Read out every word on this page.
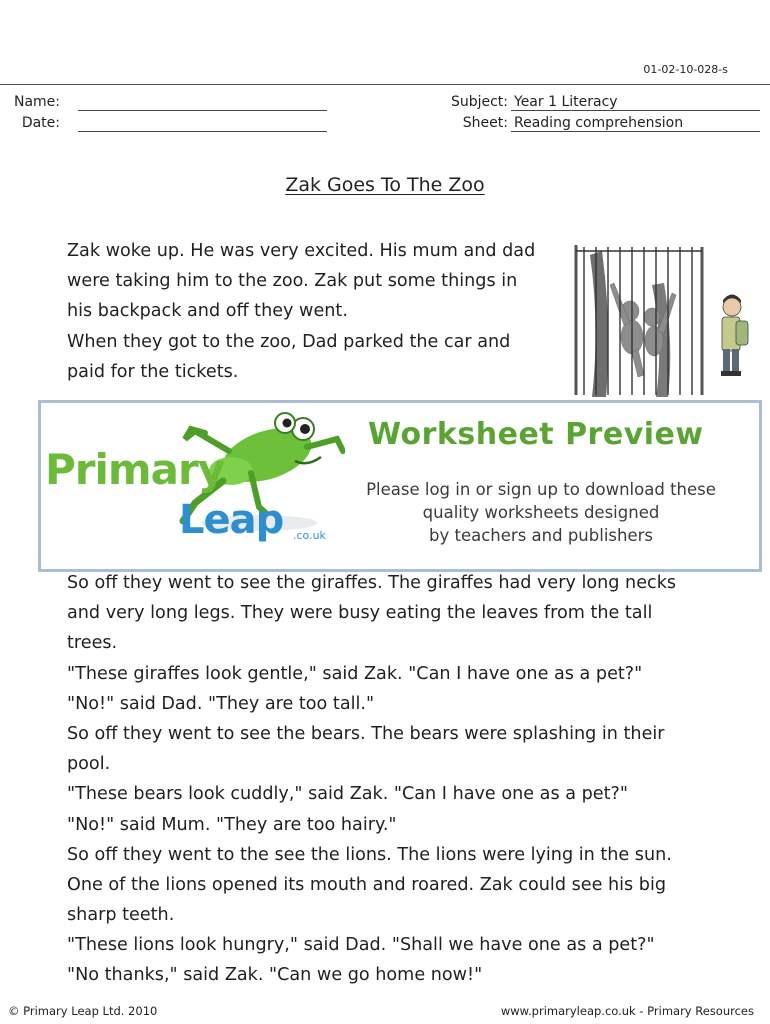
01-02-10-028-s
Name:
Date:
Subject: Year 1 Literacy
Sheet: Reading comprehension
Zak Goes To The Zoo

Zak woke up. He was very excited. His mum and dad

were taking him to the zoo. Zak put some things in

his backpack and off they went.

When they got to the zoo, Dad parked the car and

paid for the tickets.

Primary
Leap .co.uk
Worksheet Preview
Please log in or sign up to download these
quality worksheets designed
by teachers and publishers

So off they went to see the giraffes. The giraffes had very long necks

and very long legs. They were busy eating the leaves from the tall

trees.

"These giraffes look gentle," said Zak. "Can I have one as a pet?"

"No!" said Dad. "They are too tall."

So off they went to see the bears. The bears were splashing in their

pool.

"These bears look cuddly," said Zak. "Can I have one as a pet?"

"No!" said Mum. "They are too hairy."

So off they went to the see the lions. The lions were lying in the sun.

One of the lions opened its mouth and roared. Zak could see his big

sharp teeth.

"These lions look hungry," said Dad. "Shall we have one as a pet?"

"No thanks," said Zak. "Can we go home now!"

© Primary Leap Ltd. 2010	www.primaryleap.co.uk - Primary Resources
